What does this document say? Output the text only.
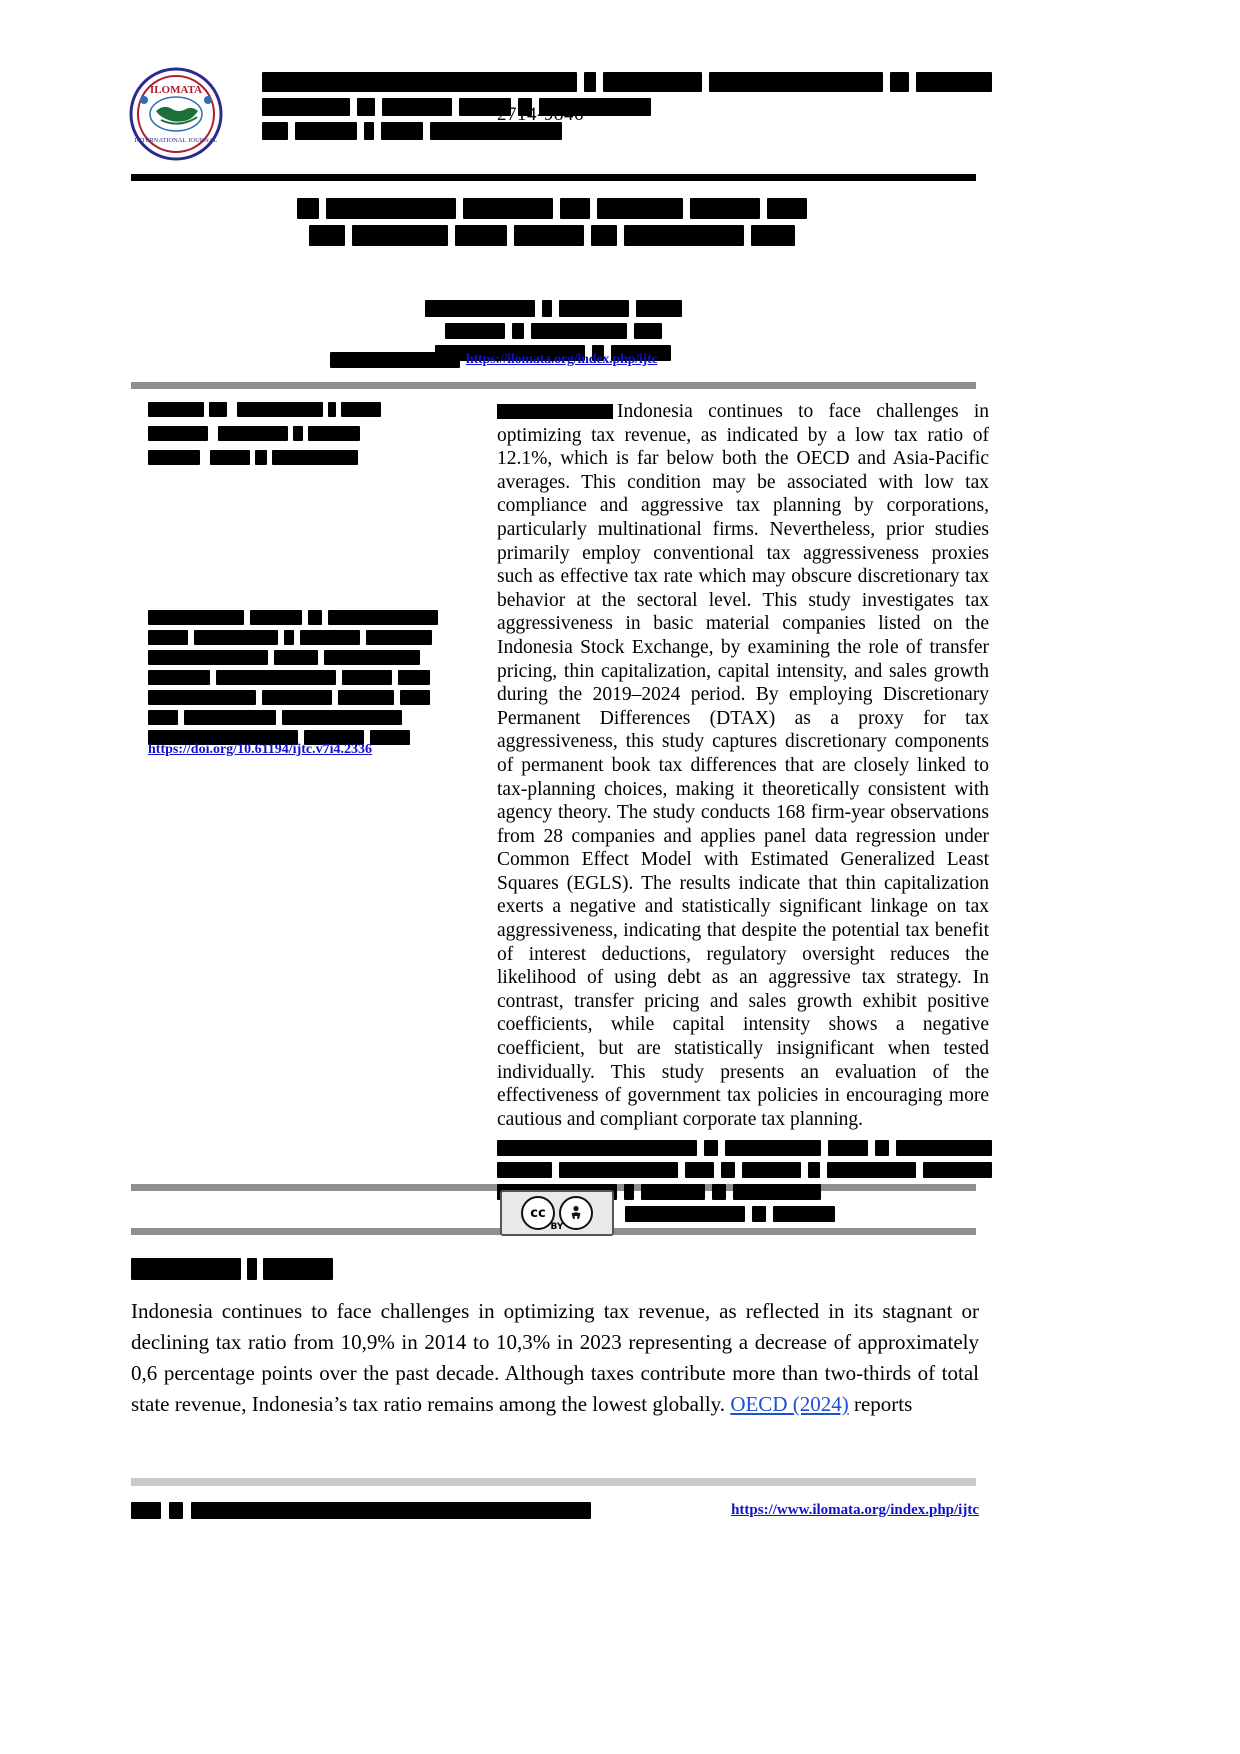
ILOMATA
INTERNATIONAL JOURNAL
2714-9846
https://ilomata.org/index.php/ijtc
https://doi.org/10.61194/ijtc.v7i4.2336
Indonesia continues to face challenges in optimizing tax revenue, as indicated by a low tax ratio of 12.1%, which is far below both the OECD and Asia-Pacific averages. This condition may be associated with low tax compliance and aggressive tax planning by corporations, particularly multinational firms. Nevertheless, prior studies primarily employ conventional tax aggressiveness proxies such as effective tax rate which may obscure discretionary tax behavior at the sectoral level. This study investigates tax aggressiveness in basic material companies listed on the Indonesia Stock Exchange, by examining the role of transfer pricing, thin capitalization, capital intensity, and sales growth during the 2019–2024 period. By employing Discretionary Permanent Differences (DTAX) as a proxy for tax aggressiveness, this study captures discretionary components of permanent book tax differences that are closely linked to tax-planning choices, making it theoretically consistent with agency theory. The study conducts 168 firm-year observations from 28 companies and applies panel data regression under Common Effect Model with Estimated Generalized Least Squares (EGLS). The results indicate that thin capitalization exerts a negative and statistically significant linkage on tax aggressiveness, indicating that despite the potential tax benefit of interest deductions, regulatory oversight reduces the likelihood of using debt as an aggressive tax strategy. In contrast, transfer pricing and sales growth exhibit positive coefficients, while capital intensity shows a negative coefficient, but are statistically insignificant when tested individually. This study presents an evaluation of the effectiveness of government tax policies in encouraging more cautious and compliant corporate tax planning.
cc
BY
Indonesia continues to face challenges in optimizing tax revenue, as reflected in its stagnant or declining tax ratio from 10,9% in 2014 to 10,3% in 2023 representing a decrease of approximately 0,6 percentage points over the past decade. Although taxes contribute more than two-thirds of total state revenue, Indonesia’s tax ratio remains among the lowest globally. OECD (2024) reports
https://www.ilomata.org/index.php/ijtc
